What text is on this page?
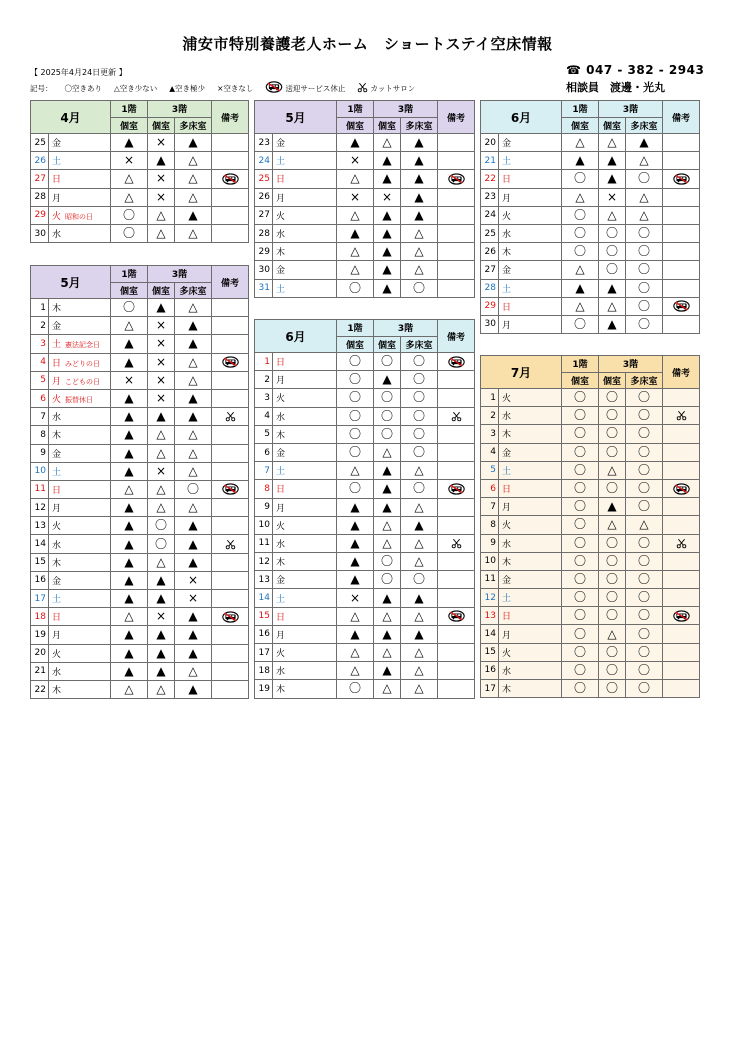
浦安市特別養護老人ホーム　ショートステイ空床情報
【 2025年4月24日更新 】
記号： 〇空きあり △空き少ない ▲空き極少 ×空きなし	送迎サービス休止	カットサロン
☎ 047 - 382 - 2943
相談員　渡邊・光丸
4月		1階	3階		備考
		個室	個室	多床室	
25	金	▲	×	▲	
26	土	×	▲	△	
27	日	△	×	△	

28	月	△	×	△	
29	火 昭和の日	〇	△	▲	
30	水	〇	△	△	
5月		1階	3階		備考
		個室	個室	多床室	
1	木	〇	▲	△	
2	金	△	×	▲	
3	土 憲法記念日	▲	×	▲	
4	日 みどりの日	▲	×	△	

5	月 こどもの日	×	×	△	
6	火 振替休日	▲	×	▲	
7	水	▲	▲	▲	

8	木	▲	△	△	
9	金	▲	△	△	
10	土	▲	×	△	
11	日	△	△	〇	

12	月	▲	△	△	
13	火	▲	〇	▲	
14	水	▲	〇	▲	

15	木	▲	△	▲	
16	金	▲	▲	×	
17	土	▲	▲	×	
18	日	△	×	▲	

19	月	▲	▲	▲	
20	火	▲	▲	▲	
21	水	▲	▲	△	
22	木	△	△	▲	
5月		1階	3階		備考
		個室	個室	多床室	
23	金	▲	△	▲	
24	土	×	▲	▲	
25	日	△	▲	▲	

26	月	×	×	▲	
27	火	△	▲	▲	
28	水	▲	▲	△	
29	木	△	▲	△	
30	金	△	▲	△	
31	土	〇	▲	〇	
6月		1階	3階		備考
		個室	個室	多床室	
1	日	〇	〇	〇	

2	月	〇	▲	〇	
3	火	〇	〇	〇	
4	水	〇	〇	〇	

5	木	〇	〇	〇	
6	金	〇	△	〇	
7	土	△	▲	△	
8	日	〇	▲	〇	

9	月	▲	▲	△	
10	火	▲	△	▲	
11	水	▲	△	△	

12	木	▲	〇	△	
13	金	▲	〇	〇	
14	土	×	▲	▲	
15	日	△	△	△	

16	月	▲	▲	▲	
17	火	△	△	△	
18	水	△	▲	△	
19	木	〇	△	△	
6月		1階	3階		備考
		個室	個室	多床室	
20	金	△	△	▲	
21	土	▲	▲	△	
22	日	〇	▲	〇	

23	月	△	×	△	
24	火	〇	△	△	
25	水	〇	〇	〇	
26	木	〇	〇	〇	
27	金	△	〇	〇	
28	土	▲	▲	〇	
29	日	△	△	〇	

30	月	〇	▲	〇	
7月		1階	3階		備考
		個室	個室	多床室	
1	火	〇	〇	〇	
2	水	〇	〇	〇	

3	木	〇	〇	〇	
4	金	〇	〇	〇	
5	土	〇	△	〇	
6	日	〇	〇	〇	

7	月	〇	▲	〇	
8	火	〇	△	△	
9	水	〇	〇	〇	

10	木	〇	〇	〇	
11	金	〇	〇	〇	
12	土	〇	〇	〇	
13	日	〇	〇	〇	

14	月	〇	△	〇	
15	火	〇	〇	〇	
16	水	〇	〇	〇	
17	木	〇	〇	〇	
